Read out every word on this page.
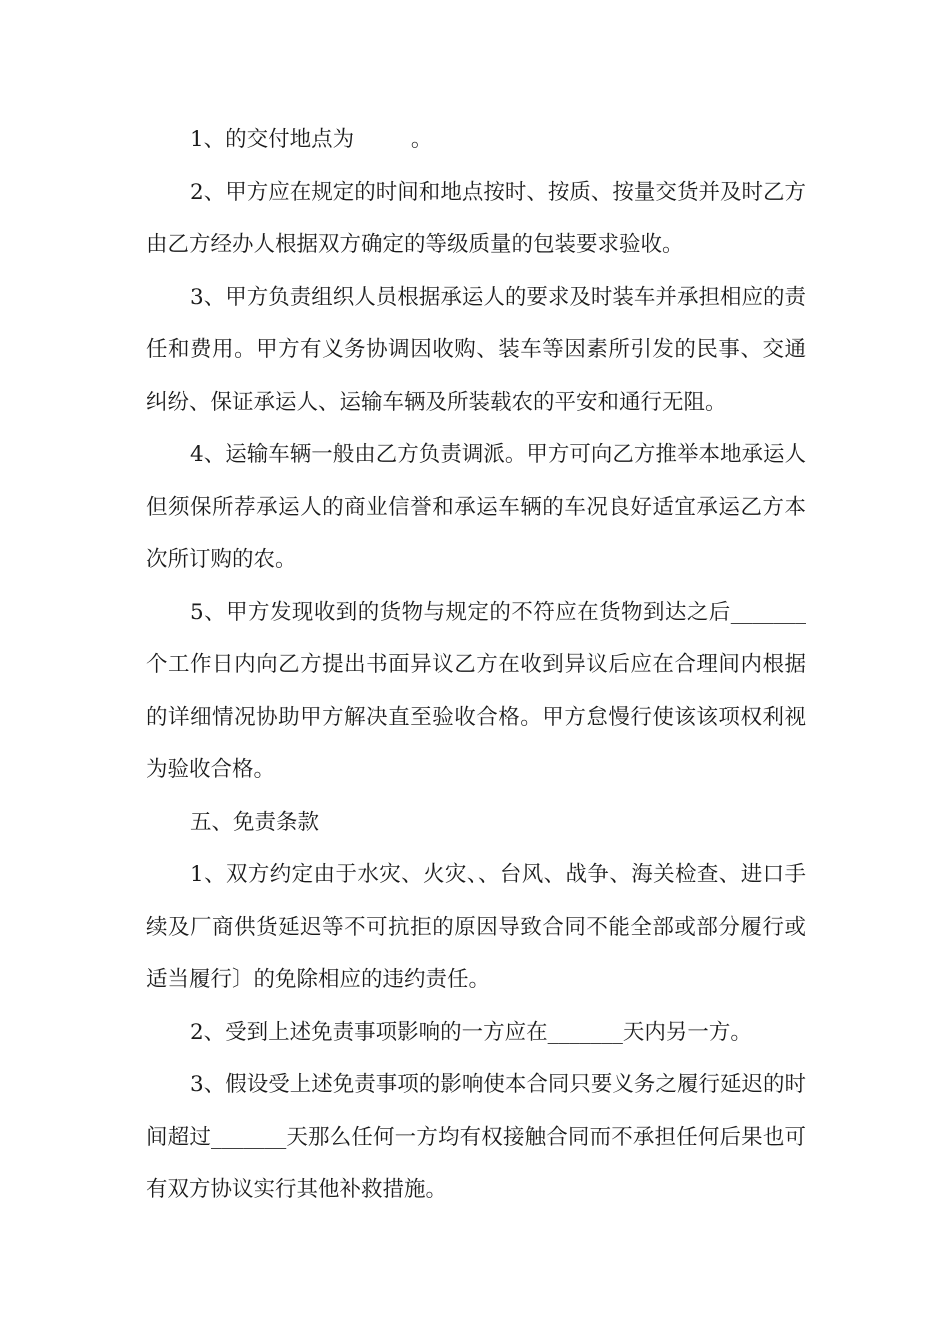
1、的交付地点为 　　 。

2、甲方应在规定的时间和地点按时、按质、按量交货并及时乙方由乙方经办人根据双方确定的等级质量的包装要求验收。

3、甲方负责组织人员根据承运人的要求及时装车并承担相应的责任和费用。甲方有义务协调因收购、装车等因素所引发的民事、交通纠纷、保证承运人、运输车辆及所装载农的平安和通行无阻。

4、运输车辆一般由乙方负责调派。甲方可向乙方推举本地承运人但须保所荐承运人的商业信誉和承运车辆的车况良好适宜承运乙方本次所订购的农。

5、甲方发现收到的货物与规定的不符应在货物到达之后_______个工作日内向乙方提出书面异议乙方在收到异议后应在合理间内根据的详细情况协助甲方解决直至验收合格。甲方怠慢行使该该项权利视为验收合格。

五、免责条款

1、双方约定由于水灾、火灾、、台风、战争、海关检查、进口手续及厂商供货延迟等不可抗拒的原因导致合同不能全部或部分履行或适当履行〕的免除相应的违约责任。

2、受到上述免责事项影响的一方应在_______天内另一方。

3、假设受上述免责事项的影响使本合同只要义务之履行延迟的时间超过_______天那么任何一方均有权接触合同而不承担任何后果也可有双方协议实行其他补救措施。
